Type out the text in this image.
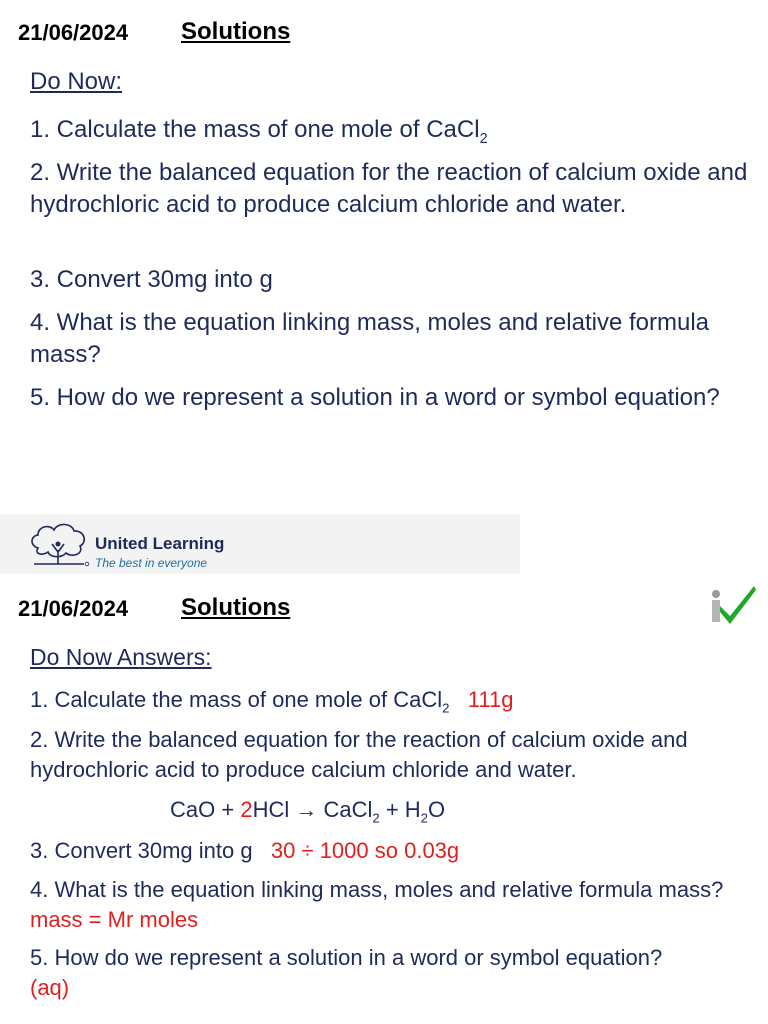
21/06/2024 Solutions
Do Now:
1. Calculate the mass of one mole of CaCl$_2$
2. Write the balanced equation for the reaction of calcium oxide and hydrochloric acid to produce calcium chloride and water.
3. Convert 30mg into g
4. What is the equation linking mass, moles and relative formula mass?
5. How do we represent a solution in a word or symbol equation?
United Learning
The best in everyone
21/06/2024 Solutions
Do Now Answers:
1. Calculate the mass of one mole of CaCl$_2$ 111g
2. Write the balanced equation for the reaction of calcium oxide and hydrochloric acid to produce calcium chloride and water.
CaO + 2HCl → CaCl$_2$ + $H_2O$
3. Convert 30mg into g 30 ÷ 1000 so 0.03g
4. What is the equation linking mass, moles and relative formula mass? mass = Mr moles
5. How do we represent a solution in a word or symbol equation? (aq)
